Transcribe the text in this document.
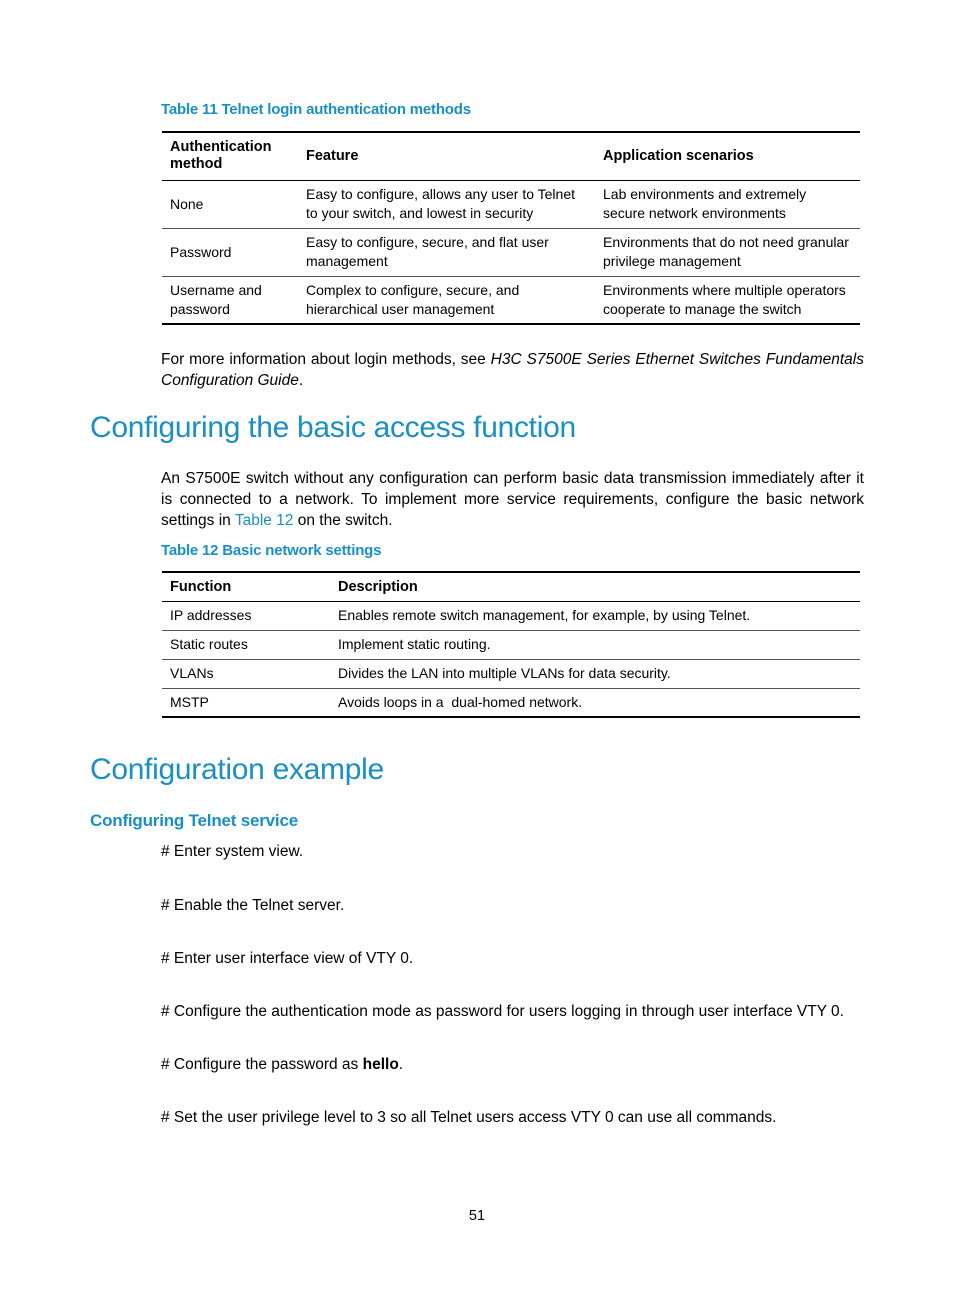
Table 11 Telnet login authentication methods
Authentication method	Feature	Application scenarios
None	Easy to configure, allows any user to Telnet to your switch, and lowest in security	Lab environments and extremely secure network environments
Password	Easy to configure, secure, and flat user management	Environments that do not need granular privilege management
Username and password	Complex to configure, secure, and hierarchical user management	Environments where multiple operators cooperate to manage the switch
For more information about login methods, see H3C S7500E Series Ethernet Switches Fundamentals Configuration Guide.
Configuring the basic access function
An S7500E switch without any configuration can perform basic data transmission immediately after it is connected to a network. To implement more service requirements, configure the basic network settings in Table 12 on the switch.
Table 12 Basic network settings
Function	Description
IP addresses	Enables remote switch management, for example, by using Telnet.
Static routes	Implement static routing.
VLANs	Divides the LAN into multiple VLANs for data security.
MSTP	Avoids loops in a  dual-homed network.
Configuration example
Configuring Telnet service
# Enter system view.
# Enable the Telnet server.
# Enter user interface view of VTY 0.
# Configure the authentication mode as password for users logging in through user interface VTY 0.
# Configure the password as hello.
# Set the user privilege level to 3 so all Telnet users access VTY 0 can use all commands.
51
